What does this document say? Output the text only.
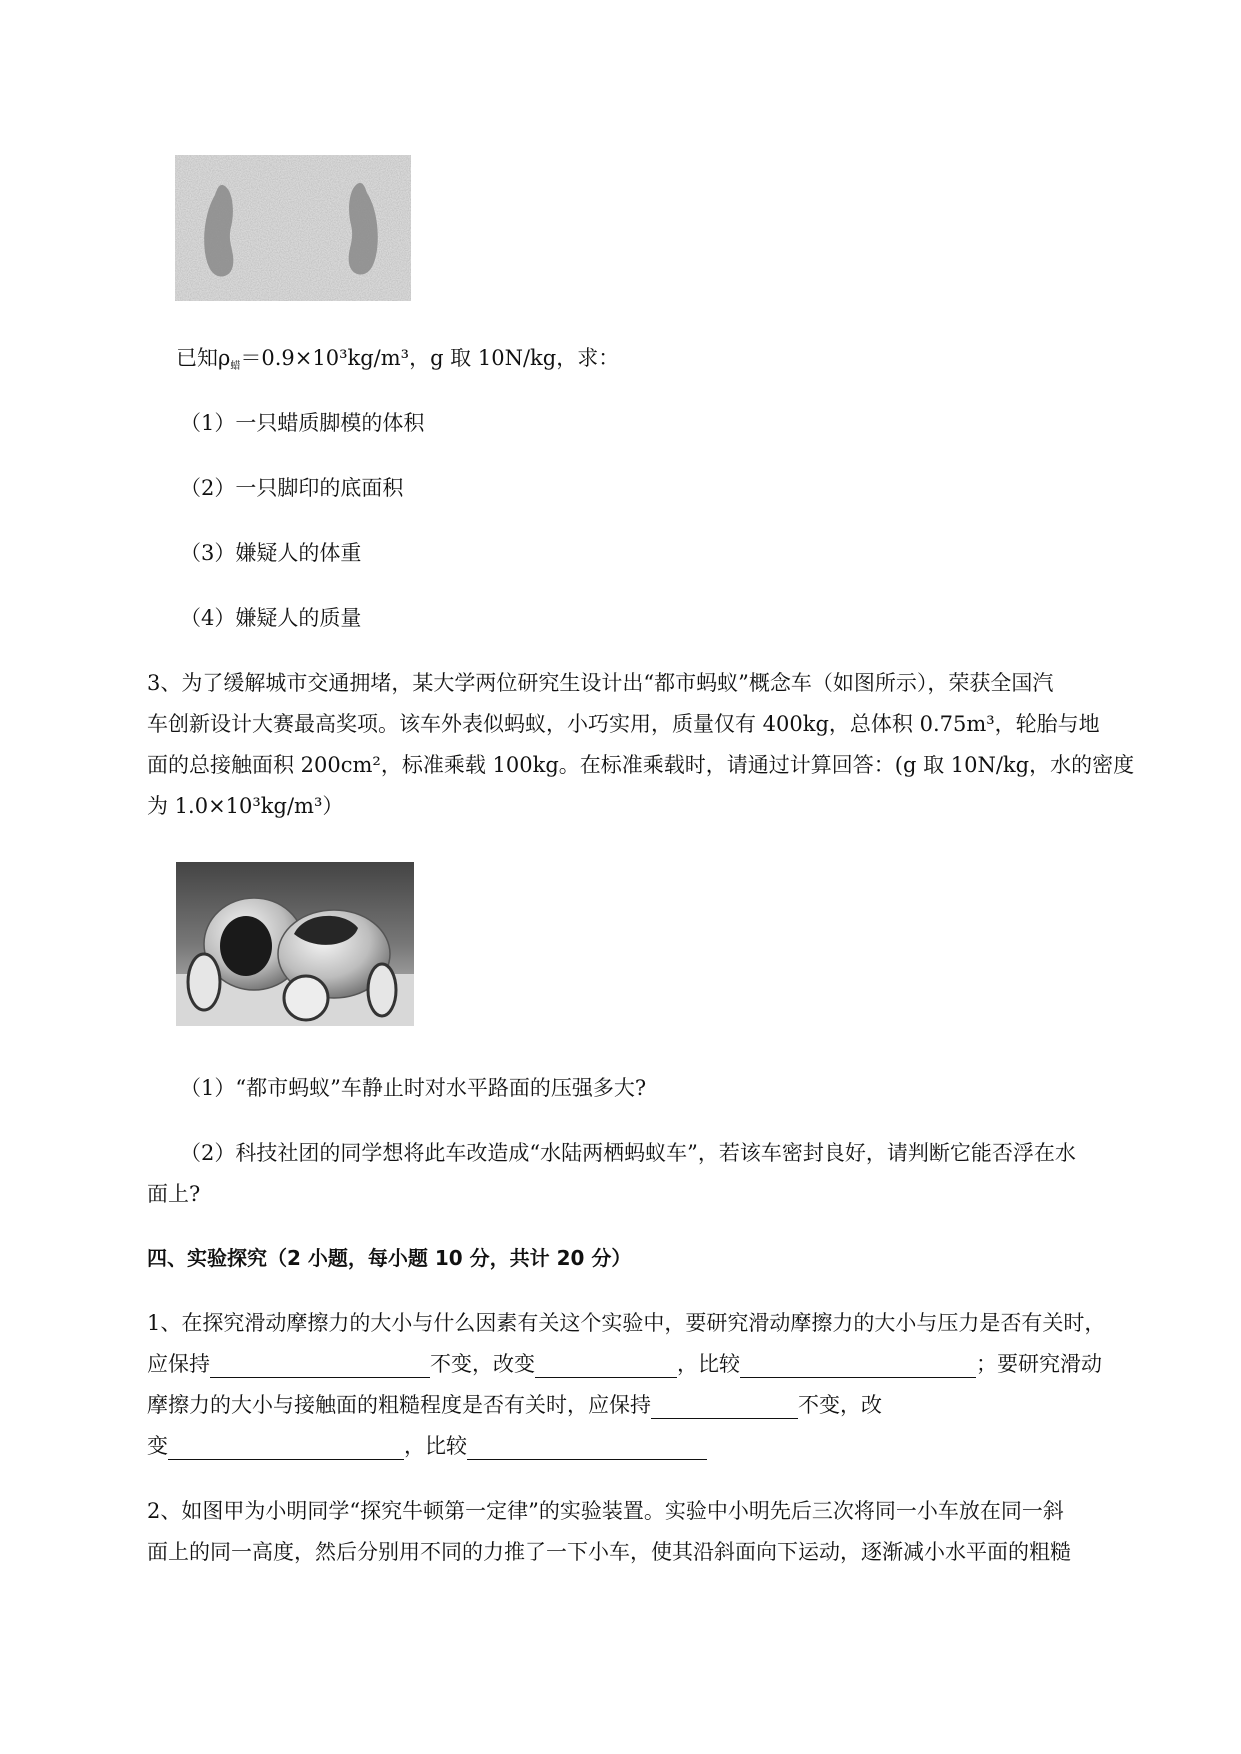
已知$\rho_蜡=0.9\times 10^3kg/m^3$，g 取 10N/kg，求：
（1）一只蜡质脚模的体积
（2）一只脚印的底面积
（3）嫌疑人的体重
（4）嫌疑人的质量
3、为了缓解城市交通拥堵，某大学两位研究生设计出“都市蚂蚁”概念车（如图所示），荣获全国汽
车创新设计大赛最高奖项。该车外表似蚂蚁，小巧实用，质量仅有 400kg，总体积 0.75m³，轮胎与地
面的总接触面积 200cm²，标准乘载 100kg。在标准乘载时，请通过计算回答：(g 取 10N/kg，水的密度
为 1.0×10³kg/m³）
（1）“都市蚂蚁”车静止时对水平路面的压强多大?
（2）科技社团的同学想将此车改造成“水陆两栖蚂蚁车”，若该车密封良好，请判断它能否浮在水
面上?
四、实验探究（2 小题，每小题 10 分，共计 20 分）
1、在探究滑动摩擦力的大小与什么因素有关这个实验中，要研究滑动摩擦力的大小与压力是否有关时，
应保持	不变，改变	，比较	；要研究滑动
摩擦力的大小与接触面的粗糙程度是否有关时，应保持	不变，改
变	，比较
2、如图甲为小明同学“探究牛顿第一定律”的实验装置。实验中小明先后三次将同一小车放在同一斜
面上的同一高度，然后分别用不同的力推了一下小车，使其沿斜面向下运动，逐渐减小水平面的粗糙
